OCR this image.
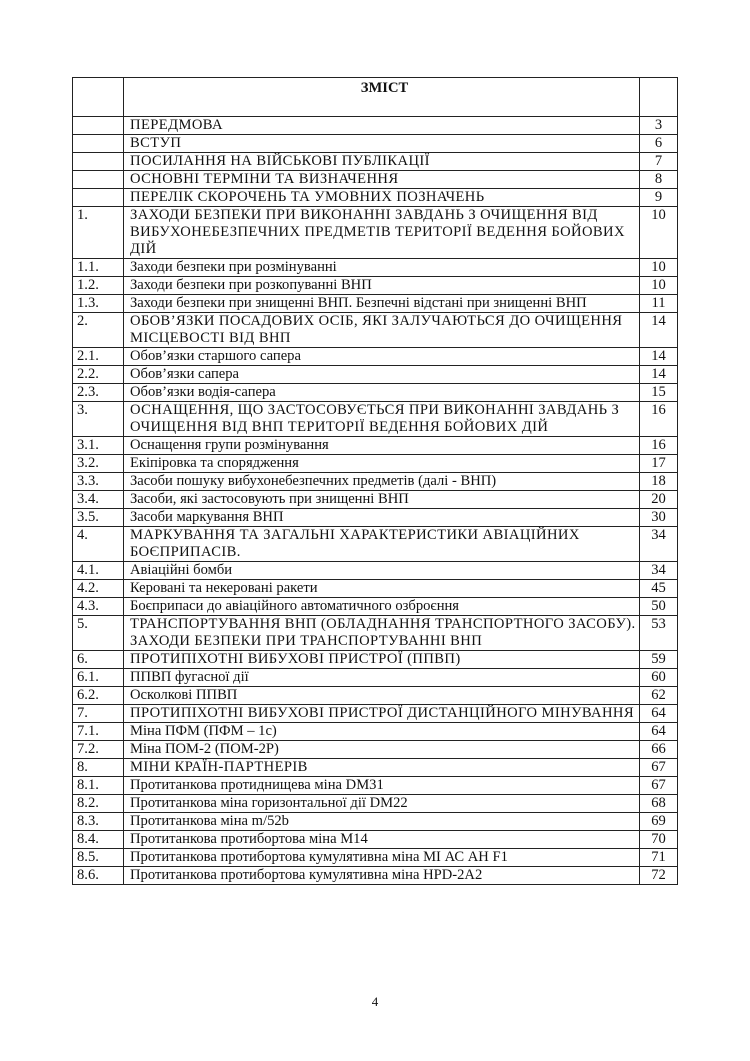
	ЗМІСТ	
	ПЕРЕДМОВА	3
	ВСТУП	6
	ПОСИЛАННЯ НА ВІЙСЬКОВІ ПУБЛІКАЦІЇ	7
	ОСНОВНІ ТЕРМІНИ ТА ВИЗНАЧЕННЯ	8
	ПЕРЕЛІК СКОРОЧЕНЬ ТА УМОВНИХ ПОЗНАЧЕНЬ	9
1.	ЗАХОДИ БЕЗПЕКИ ПРИ ВИКОНАННІ ЗАВДАНЬ З ОЧИЩЕННЯ ВІД ВИБУХОНЕБЕЗПЕЧНИХ ПРЕДМЕТІВ ТЕРИТОРІЇ ВЕДЕННЯ БОЙОВИХ ДІЙ	10
1.1.	Заходи безпеки при розмінуванні	10
1.2.	Заходи безпеки при розкопуванні ВНП	10
1.3.	Заходи безпеки при знищенні ВНП. Безпечні відстані при знищенні ВНП	11
2.	ОБОВ’ЯЗКИ ПОСАДОВИХ ОСІБ, ЯКІ ЗАЛУЧАЮТЬСЯ ДО ОЧИЩЕННЯ МІСЦЕВОСТІ ВІД ВНП	14
2.1.	Обов’язки старшого сапера	14
2.2.	Обов’язки сапера	14
2.3.	Обов’язки водія-сапера	15
3.	ОСНАЩЕННЯ, ЩО ЗАСТОСОВУЄТЬСЯ ПРИ ВИКОНАННІ ЗАВДАНЬ З ОЧИЩЕННЯ ВІД ВНП ТЕРИТОРІЇ ВЕДЕННЯ БОЙОВИХ ДІЙ	16
3.1.	Оснащення групи розмінування	16
3.2.	Екіпіровка та спорядження	17
3.3.	Засоби пошуку вибухонебезпечних предметів (далі - ВНП)	18
3.4.	Засоби, які застосовують при знищенні ВНП	20
3.5.	Засоби маркування ВНП	30
4.	МАРКУВАННЯ ТА ЗАГАЛЬНІ ХАРАКТЕРИСТИКИ АВІАЦІЙНИХ БОЄПРИПАСІВ.	34
4.1.	Авіаційні бомби	34
4.2.	Керовані та некеровані ракети	45
4.3.	Боєприпаси до авіаційного автоматичного озброєння	50
5.	ТРАНСПОРТУВАННЯ ВНП (ОБЛАДНАННЯ ТРАНСПОРТНОГО ЗАСОБУ). ЗАХОДИ БЕЗПЕКИ ПРИ ТРАНСПОРТУВАННІ ВНП	53
6.	ПРОТИПІХОТНІ ВИБУХОВІ ПРИСТРОЇ (ППВП)	59
6.1.	ППВП фугасної дії	60
6.2.	Осколкові ППВП	62
7.	ПРОТИПІХОТНІ ВИБУХОВІ ПРИСТРОЇ ДИСТАНЦІЙНОГО МІНУВАННЯ	64
7.1.	Міна ПФМ (ПФМ – 1с)	64
7.2.	Міна ПОМ-2 (ПОМ-2Р)	66
8.	МІНИ КРАЇН-ПАРТНЕРІВ	67
8.1.	Протитанкова протиднищева міна DM31	67
8.2.	Протитанкова міна горизонтальної дії DM22	68
8.3.	Протитанкова міна m/52b	69
8.4.	Протитанкова протибортова міна М14	70
8.5.	Протитанкова протибортова кумулятивна міна МІ АС АН F1	71
8.6.	Протитанкова протибортова кумулятивна міна HPD-2A2	72
4
